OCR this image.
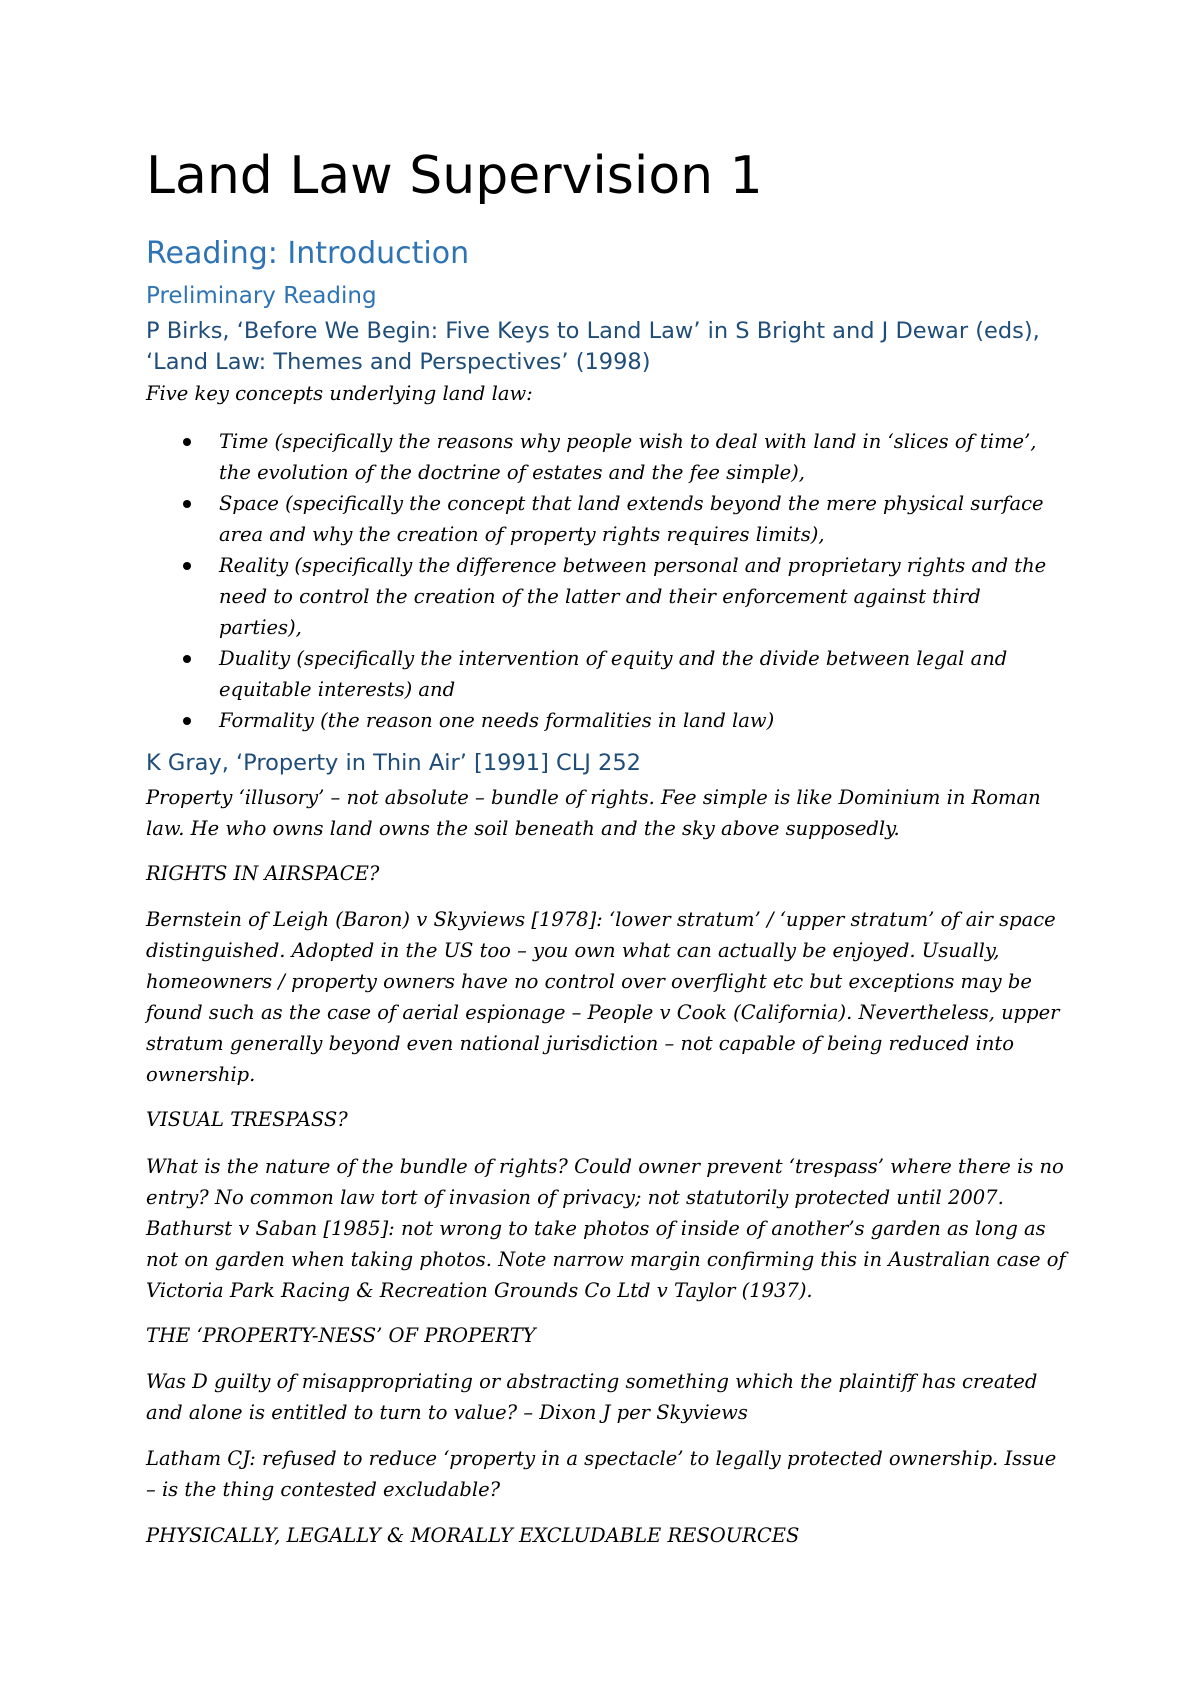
Land Law Supervision 1
Reading: Introduction
Preliminary Reading
P Birks, ‘Before We Begin: Five Keys to Land Law’ in S Bright and J Dewar (eds), ‘Land Law: Themes and Perspectives’ (1998)

Five key concepts underlying land law:

Time (specifically the reasons why people wish to deal with land in ‘slices of time’, the evolution of the doctrine of estates and the fee simple),
Space (specifically the concept that land extends beyond the mere physical surface area and why the creation of property rights requires limits),
Reality (specifically the difference between personal and proprietary rights and the need to control the creation of the latter and their enforcement against third parties),
Duality (specifically the intervention of equity and the divide between legal and equitable interests) and
Formality (the reason one needs formalities in land law)
K Gray, ‘Property in Thin Air’ [1991] CLJ 252

Property ‘illusory’ – not absolute – bundle of rights. Fee simple is like Dominium in Roman law. He who owns land owns the soil beneath and the sky above supposedly.

RIGHTS IN AIRSPACE?

Bernstein of Leigh (Baron) v Skyviews [1978]: ‘lower stratum’ / ‘upper stratum’ of air space distinguished. Adopted in the US too – you own what can actually be enjoyed. Usually, homeowners / property owners have no control over overflight etc but exceptions may be found such as the case of aerial espionage – People v Cook (California). Nevertheless, upper stratum generally beyond even national jurisdiction – not capable of being reduced into ownership.

VISUAL TRESPASS?

What is the nature of the bundle of rights? Could owner prevent ‘trespass’ where there is no entry? No common law tort of invasion of privacy; not statutorily protected until 2007. Bathurst v Saban [1985]: not wrong to take photos of inside of another’s garden as long as not on garden when taking photos. Note narrow margin confirming this in Australian case of Victoria Park Racing & Recreation Grounds Co Ltd v Taylor (1937).

THE ‘PROPERTY-NESS’ OF PROPERTY

Was D guilty of misappropriating or abstracting something which the plaintiff has created and alone is entitled to turn to value? – Dixon J per Skyviews

Latham CJ: refused to reduce ‘property in a spectacle’ to legally protected ownership. Issue – is the thing contested excludable?

PHYSICALLY, LEGALLY & MORALLY EXCLUDABLE RESOURCES
